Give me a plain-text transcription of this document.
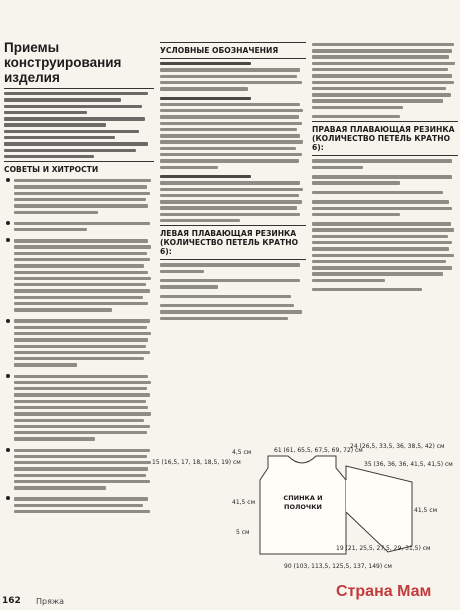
Приемы конструирования изделия
СОВЕТЫ И ХИТРОСТИ
УСЛОВНЫЕ ОБОЗНАЧЕНИЯ
ЛЕВАЯ ПЛАВАЮЩАЯ РЕЗИНКА (КОЛИЧЕСТВО ПЕТЕЛЬ КРАТНО 6):
ПРАВАЯ ПЛАВАЮЩАЯ РЕЗИНКА (КОЛИЧЕСТВО ПЕТЕЛЬ КРАТНО 6):
61 (61, 65,5, 67,5, 69, 72) см
4,5 см
15 (16,5, 17, 18, 18,5, 19) см
41,5 см
5 см
90 (103, 113,5, 125,5, 137, 149) см
24 (26,5, 33,5, 36, 38,5, 42) см
35 (36, 36, 36, 41,5, 41,5) см
41,5 см
19 (21, 25,5, 27,5, 29, 31,5) см
СПИНКА И ПОЛОЧКИ
162 Пряжа
Страна Мам
